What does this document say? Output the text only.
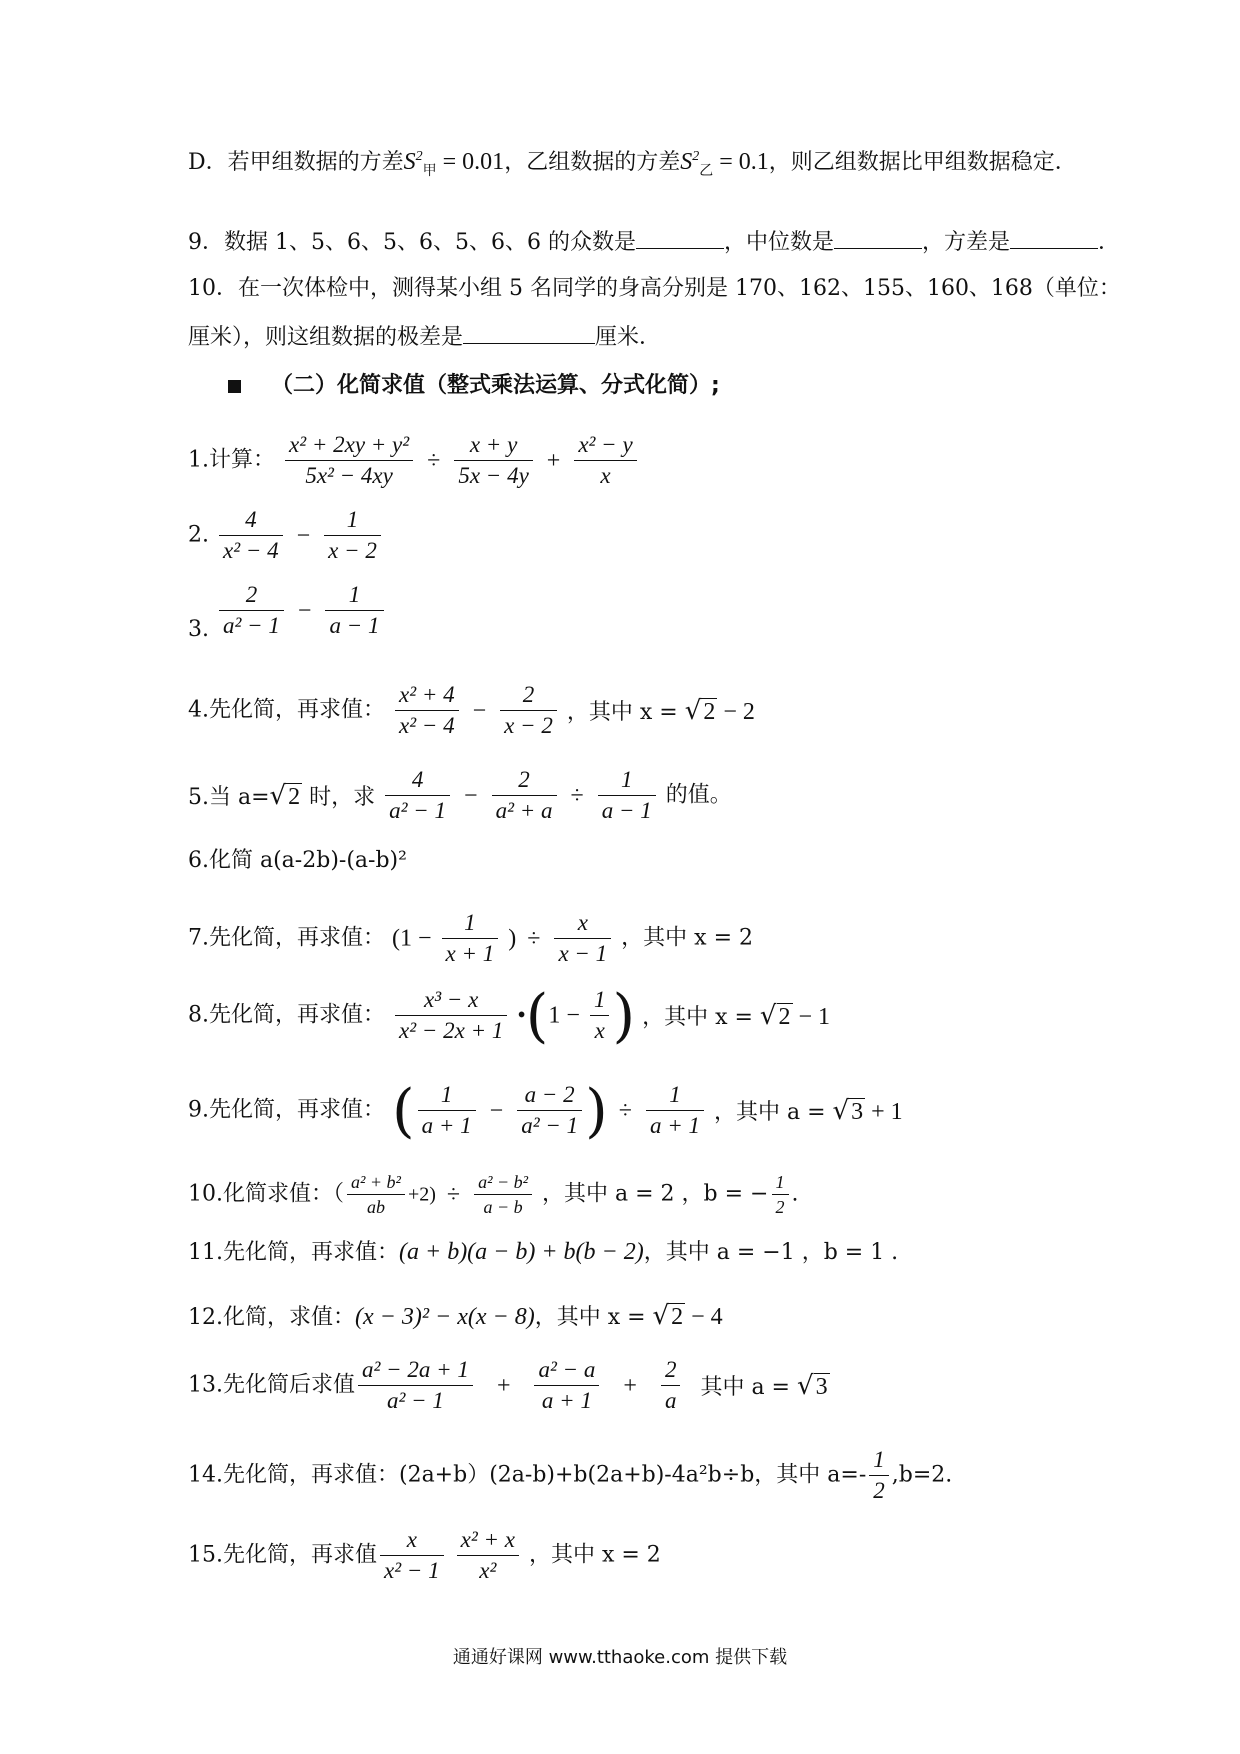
D．若甲组数据的方差$S^2_甲 = 0.01$，乙组数据的方差$S^2_乙 = 0.1$，则乙组数据比甲组数据稳定．
9．数据 1、5、6、5、6、5、6、6 的众数是	，中位数是	，方差是	．
10．在一次体检中，测得某小组 5 名同学的身高分别是 170、162、155、160、168（单位：
厘米），则这组数据的极差是	厘米．
（二）化简求值（整式乘法运算、分式化简）;
1.计算： $\frac{\text{x² + 2xy + y²}}{\text{5x² − 4xy}} \div \frac{x + y}{5x - 4y} + \frac{\text{x² − y}}{x}$
2. $\frac{4}{\text{x² − 4}} - \frac{1}{x - 2}$
3. $\frac{2}{\text{a² − 1}} - \frac{1}{a - 1}$
4.先化简，再求值： $\frac{\text{x² + 4}}{\text{x² − 4}} - \frac{2}{x - 2}$ ，其中 x = √2 − 2
5.当 a=√2 时，求 $\frac{4}{\text{a² − 1}} - \frac{2}{\text{a² + a}} \div \frac{1}{a - 1}$ 的值。
6.化简 a(a-2b)-(a-b)²
7.先化简，再求值： ($1 - \frac{1}{x + 1}$ ) ÷ $\frac{x}{x - 1}$ ，其中 x = 2
8.先化简，再求值： $\frac{\text{x³ − x}}{\text{x² − 2x + 1}}$ •(1 − $\frac{1}{x}$ ) ，其中 x = √2 − 1
9.先化简，再求值： ( $\frac{1}{a + 1} - \frac{a - 2}{\text{a² − 1}}$ ) ÷ $\frac{1}{a + 1}$ ，其中 a = √3 + 1
10.化简求值：（ $\frac{\text{a² + b²}}{ab} +2) \div \frac{\text{a² − b²}}{a - b}$ ，其中 a = 2 ，b = − $\frac{1}{2}$ .
11.先化简，再求值：(a + b)(a − b) + b(b − 2)，其中 a = −1 ，b = 1 .
12.化简，求值：(x − 3)² − x(x − 8)，其中 x = √2 − 4
13.先化简后求值 $\frac{\text{a² − 2a + 1}}{\text{a² − 1}} + \frac{\text{a² − a}}{a + 1} + \frac{2}{a}$ 其中 a = √3
14.先化简，再求值：(2a+b）(2a-b)+b(2a+b)-4a²b÷b，其中 $a=- \frac{1}{2} ,b=2$.
15.先化简，再求值 $\frac{x}{\text{x² − 1}}$
$\frac{\text{x² + x}}{\text{x²}}$ ，其中 x = 2
通通好课网 www.tthaoke.com 提供下载
